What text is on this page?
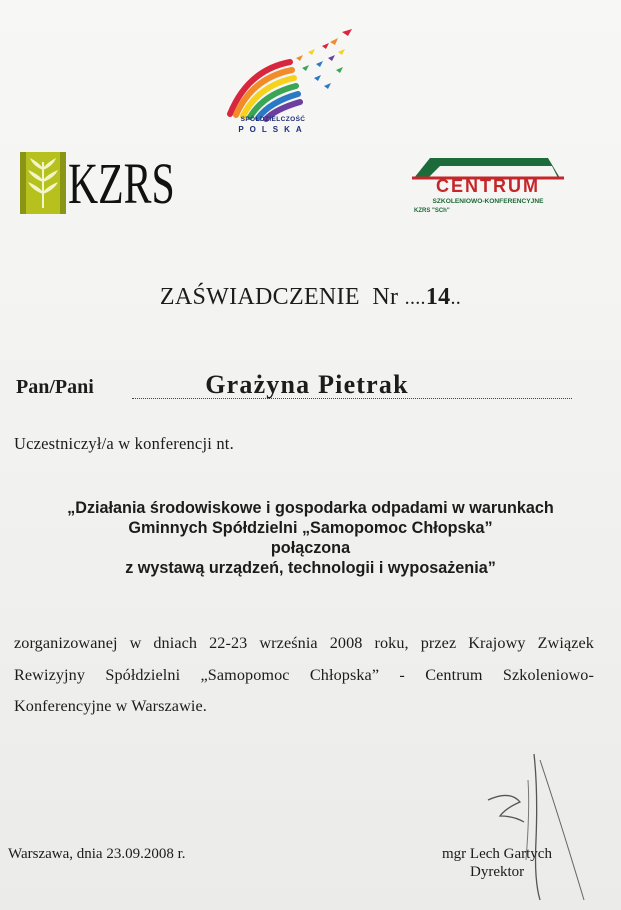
SPÓŁDZIELCZOŚĆ
POLSKA
KZRS	CENTRUM
SZKOLENIOWO-KONFERENCYJNE
KZRS "SCh"
ZAŚWIADCZENIE Nr ....14..
Pan/Pani	Grażyna Pietrak
Uczestniczył/a w konferencji nt.
„Działania środowiskowe i gospodarka odpadami w warunkach
Gminnych Spółdzielni „Samopomoc Chłopska”
połączona
z wystawą urządzeń, technologii i wyposażenia”
zorganizowanej w dniach 22-23 września 2008 roku, przez Krajowy Związek
Rewizyjny Spółdzielni „Samopomoc Chłopska” - Centrum Szkoleniowo-
Konferencyjne w Warszawie.
Warszawa, dnia 23.09.2008 r.	mgr Lech Gartych
Dyrektor
